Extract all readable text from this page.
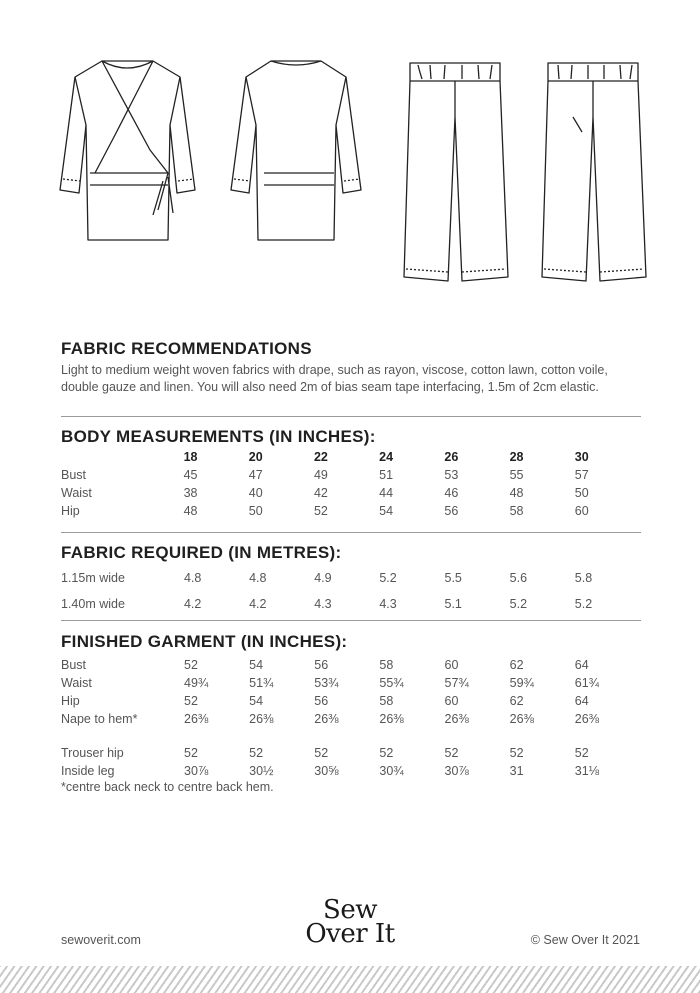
FABRIC RECOMMENDATIONS

Light to medium weight woven fabrics with drape, such as rayon, viscose, cotton lawn, cotton voile, double gauze and linen. You will also need 2m of bias seam tape interfacing, 1.5m of 2cm elastic.

BODY MEASUREMENTS (IN INCHES):
	18	20	22	24	26	28	30
Bust	45	47	49	51	53	55	57
Waist	38	40	42	44	46	48	50
Hip	48	50	52	54	56	58	60
FABRIC REQUIRED (IN METRES):
1.15m wide	4.8	4.8	4.9	5.2	5.5	5.6	5.8
1.40m wide	4.2	4.2	4.3	4.3	5.1	5.2	5.2
FINISHED GARMENT (IN INCHES):
Bust	52	54	56	58	60	62	64
Waist	49¾	51¾	53¾	55¾	57¾	59¾	61¾
Hip	52	54	56	58	60	62	64
Nape to hem*	26⅜	26⅜	26⅜	26⅜	26⅜	26⅜	26⅜

Trouser hip	52	52	52	52	52	52	52
Inside leg	30⅞	30½	30⅝	30¾	30⅞	31	31⅛

*centre back neck to centre back hem.

sewoverit.com
Sew
Over It	© Sew Over It 2021
